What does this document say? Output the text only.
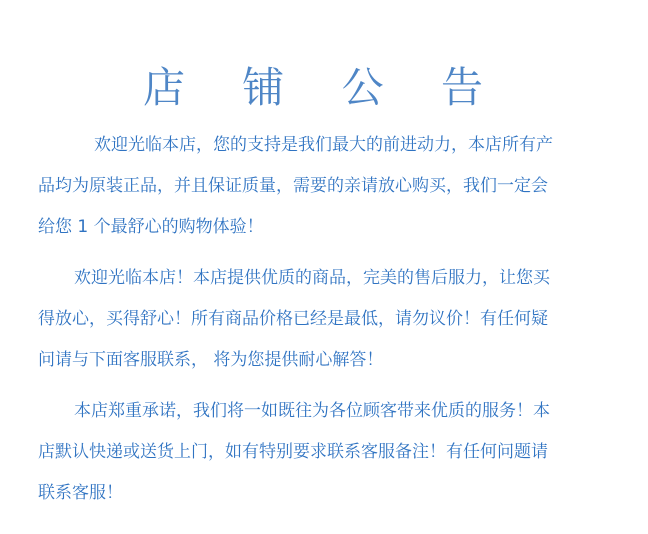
店 铺 公 告

欢迎光临本店，您的支持是我们最大的前进动力，本店所有产
品均为原装正品，并且保证质量，需要的亲请放心购买，我们一定会
给您 1 个最舒心的购物体验！

欢迎光临本店！本店提供优质的商品，完美的售后服力，让您买
得放心，买得舒心！所有商品价格已经是最低，请勿议价！有任何疑
问请与下面客服联系， 将为您提供耐心解答！

本店郑重承诺，我们将一如既往为各位顾客带来优质的服务！本
店默认快递或送货上门，如有特别要求联系客服备注！有任何问题请
联系客服！
